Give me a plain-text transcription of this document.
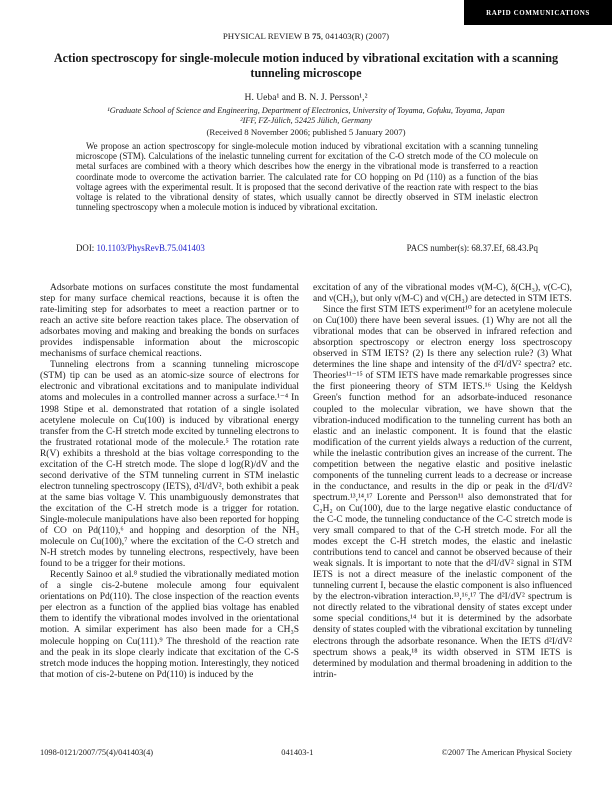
RAPID COMMUNICATIONS
PHYSICAL REVIEW B 75, 041403(R) (2007)
Action spectroscopy for single-molecule motion induced by vibrational excitation with a scanning
tunneling microscope
H. Ueba¹ and B. N. J. Persson¹,²
¹Graduate School of Science and Engineering, Department of Electronics, University of Toyama, Gofuku, Toyama, Japan
²IFF, FZ-Jülich, 52425 Jülich, Germany
(Received 8 November 2006; published 5 January 2007)
We propose an action spectroscopy for single-molecule motion induced by vibrational excitation with a scanning tunneling microscope (STM). Calculations of the inelastic tunneling current for excitation of the C-O stretch mode of the CO molecule on metal surfaces are combined with a theory which describes how the energy in the vibrational mode is transferred to a reaction coordinate mode to overcome the activation barrier. The calculated rate for CO hopping on Pd (110) as a function of the bias voltage agrees with the experimental result. It is proposed that the second derivative of the reaction rate with respect to the bias voltage is related to the vibrational density of states, which usually cannot be directly observed in STM inelastic electron tunneling spectroscopy when a molecule motion is induced by vibrational excitation.
DOI: 10.1103/PhysRevB.75.041403	PACS number(s): 68.37.Ef, 68.43.Pq

Adsorbate motions on surfaces constitute the most fundamental step for many surface chemical reactions, because it is often the rate-limiting step for adsorbates to meet a reaction partner or to reach an active site before reaction takes place. The observation of adsorbates moving and making and breaking the bonds on surfaces provides indispensable information about the microscopic mechanisms of surface chemical reactions.

Tunneling electrons from a scanning tunneling microscope (STM) tip can be used as an atomic-size source of electrons for electronic and vibrational excitations and to manipulate individual atoms and molecules in a controlled manner across a surface.¹⁻⁴ In 1998 Stipe et al. demonstrated that rotation of a single isolated acetylene molecule on Cu(100) is induced by vibrational energy transfer from the C-H stretch mode excited by tunneling electrons to the frustrated rotational mode of the molecule.⁵ The rotation rate R(V) exhibits a threshold at the bias voltage corresponding to the excitation of the C-H stretch mode. The slope d log(R)/dV and the second derivative of the STM tunneling current in STM inelastic electron tunneling spectroscopy (IETS), d²I/dV², both exhibit a peak at the same bias voltage V. This unambiguously demonstrates that the excitation of the C-H stretch mode is a trigger for rotation. Single-molecule manipulations have also been reported for hopping of CO on Pd(110),⁶ and hopping and desorption of the NH₃ molecule on Cu(100),⁷ where the excitation of the C-O stretch and N-H stretch modes by tunneling electrons, respectively, have been found to be a trigger for their motions.

Recently Sainoo et al.⁸ studied the vibrationally mediated motion of a single cis-2-butene molecule among four equivalent orientations on Pd(110). The close inspection of the reaction events per electron as a function of the applied bias voltage has enabled them to identify the vibrational modes involved in the orientational motion. A similar experiment has also been made for a CH₃S molecule hopping on Cu(111).⁹ The threshold of the reaction rate and the peak in its slope clearly indicate that excitation of the C-S stretch mode induces the hopping motion. Interestingly, they noticed that motion of cis-2-butene on Pd(110) is induced by the

excitation of any of the vibrational modes ν(M-C), δ(CH₃), ν(C-C), and ν(CH₃), but only ν(M-C) and ν(CH₃) are detected in STM IETS.

Since the first STM IETS experiment¹⁰ for an acetylene molecule on Cu(100) there have been several issues. (1) Why are not all the vibrational modes that can be observed in infrared refection and absorption spectroscopy or electron energy loss spectroscopy observed in STM IETS? (2) Is there any selection rule? (3) What determines the line shape and intensity of the d²I/dV² spectra? etc. Theories¹¹⁻¹⁵ of STM IETS have made remarkable progresses since the first pioneering theory of STM IETS.¹⁶ Using the Keldysh Green's function method for an adsorbate-induced resonance coupled to the molecular vibration, we have shown that the vibration-induced modification to the tunneling current has both an elastic and an inelastic component. It is found that the elastic modification of the current yields always a reduction of the current, while the inelastic contribution gives an increase of the current. The competition between the negative elastic and positive inelastic components of the tunneling current leads to a decrease or increase in the conductance, and results in the dip or peak in the d²I/dV² spectrum.¹³,¹⁴,¹⁷ Lorente and Persson¹¹ also demonstrated that for C₂H₂ on Cu(100), due to the large negative elastic conductance of the C-C mode, the tunneling conductance of the C-C stretch mode is very small compared to that of the C-H stretch mode. For all the modes except the C-H stretch modes, the elastic and inelastic contributions tend to cancel and cannot be observed because of their weak signals. It is important to note that the d²I/dV² signal in STM IETS is not a direct measure of the inelastic component of the tunneling current I, because the elastic component is also influenced by the electron-vibration interaction.¹³,¹⁶,¹⁷ The d²I/dV² spectrum is not directly related to the vibrational density of states except under some special conditions,¹⁴ but it is determined by the adsorbate density of states coupled with the vibrational excitation by tunneling electrons through the adsorbate resonance. When the IETS d²I/dV² spectrum shows a peak,¹⁸ its width observed in STM IETS is determined by modulation and thermal broadening in addition to the intrin-

1098-0121/2007/75(4)/041403(4)	041403-1	©2007 The American Physical Society
